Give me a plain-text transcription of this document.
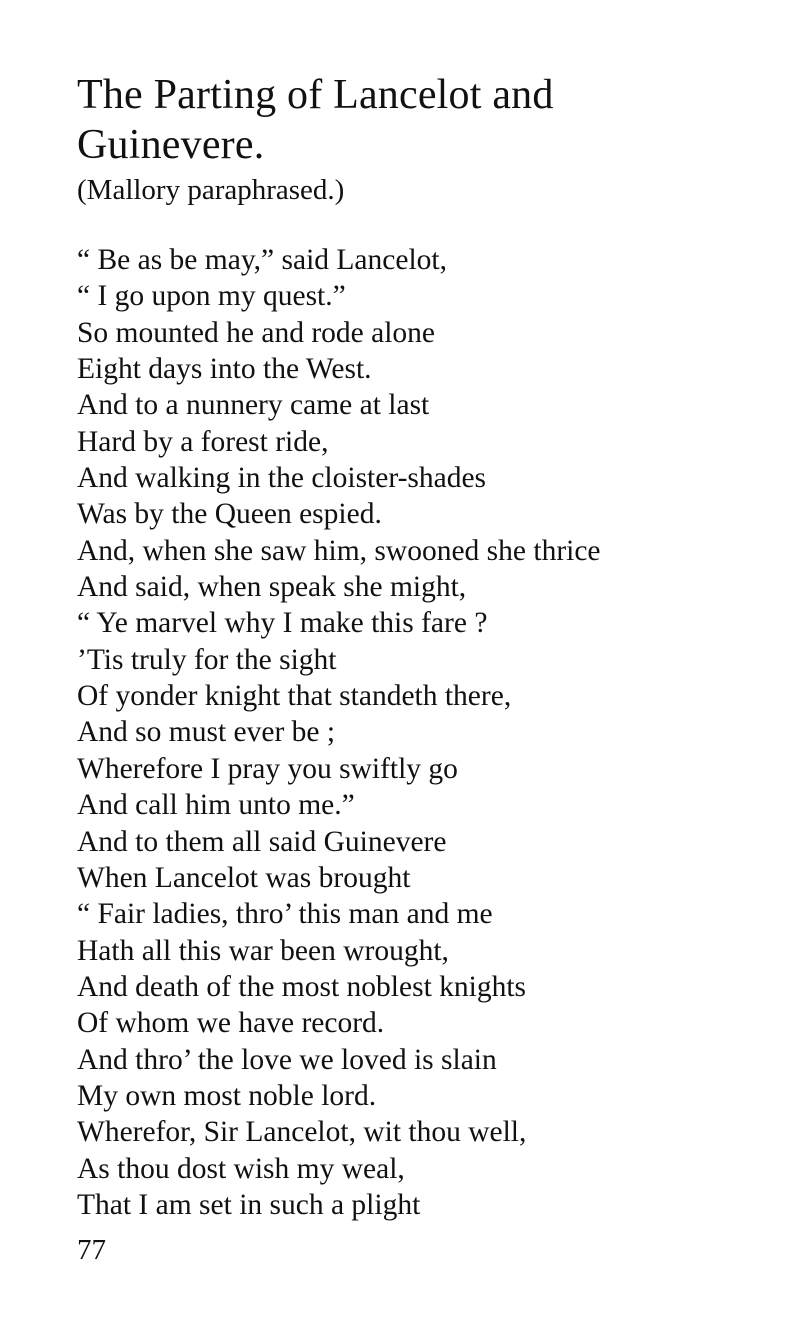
The Parting of Lancelot and
Guinevere.
(Mallory paraphrased.)
“ Be as be may,” said Lancelot,
“ I go upon my quest.”
So mounted he and rode alone
Eight days into the West.
And to a nunnery came at last
Hard by a forest ride,
And walking in the cloister-shades
Was by the Queen espied.
And, when she saw him, swooned she thrice
And said, when speak she might,
“ Ye marvel why I make this fare ?
’Tis truly for the sight
Of yonder knight that standeth there,
And so must ever be ;
Wherefore I pray you swiftly go
And call him unto me.”
And to them all said Guinevere
When Lancelot was brought
“ Fair ladies, thro’ this man and me
Hath all this war been wrought,
And death of the most noblest knights
Of whom we have record.
And thro’ the love we loved is slain
My own most noble lord.
Wherefor, Sir Lancelot, wit thou well,
As thou dost wish my weal,
That I am set in such a plight
77
